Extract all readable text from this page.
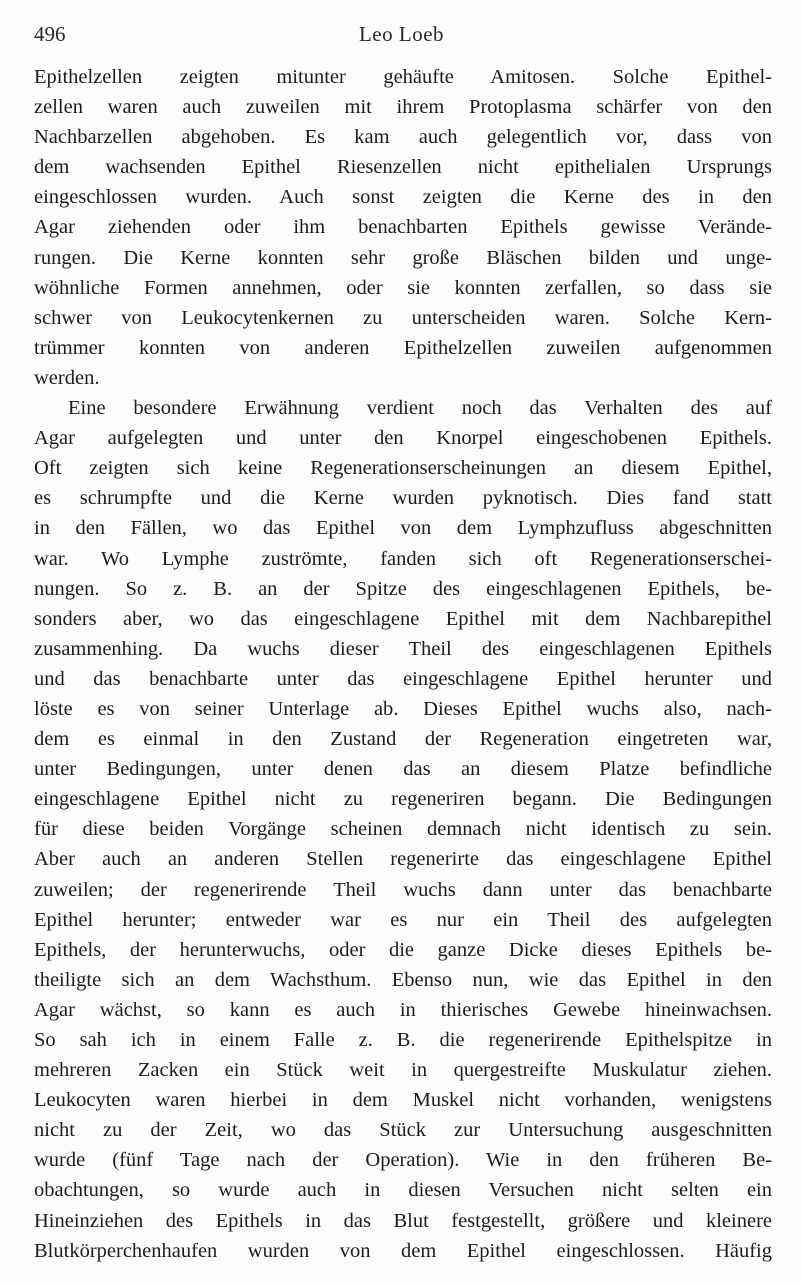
496	Leo Loeb
Epithelzellen zeigten mitunter gehäufte Amitosen. Solche Epithel-
zellen waren auch zuweilen mit ihrem Protoplasma schärfer von den
Nachbarzellen abgehoben. Es kam auch gelegentlich vor, dass von
dem wachsenden Epithel Riesenzellen nicht epithelialen Ursprungs
eingeschlossen wurden. Auch sonst zeigten die Kerne des in den
Agar ziehenden oder ihm benachbarten Epithels gewisse Verände-
rungen. Die Kerne konnten sehr große Bläschen bilden und unge-
wöhnliche Formen annehmen, oder sie konnten zerfallen, so dass sie
schwer von Leukocytenkernen zu unterscheiden waren. Solche Kern-
trümmer konnten von anderen Epithelzellen zuweilen aufgenommen
werden.
Eine besondere Erwähnung verdient noch das Verhalten des auf
Agar aufgelegten und unter den Knorpel eingeschobenen Epithels.
Oft zeigten sich keine Regenerationserscheinungen an diesem Epithel,
es schrumpfte und die Kerne wurden pyknotisch. Dies fand statt
in den Fällen, wo das Epithel von dem Lymphzufluss abgeschnitten
war. Wo Lymphe zuströmte, fanden sich oft Regenerationserschei-
nungen. So z. B. an der Spitze des eingeschlagenen Epithels, be-
sonders aber, wo das eingeschlagene Epithel mit dem Nachbarepithel
zusammenhing. Da wuchs dieser Theil des eingeschlagenen Epithels
und das benachbarte unter das eingeschlagene Epithel herunter und
löste es von seiner Unterlage ab. Dieses Epithel wuchs also, nach-
dem es einmal in den Zustand der Regeneration eingetreten war,
unter Bedingungen, unter denen das an diesem Platze befindliche
eingeschlagene Epithel nicht zu regeneriren begann. Die Bedingungen
für diese beiden Vorgänge scheinen demnach nicht identisch zu sein.
Aber auch an anderen Stellen regenerirte das eingeschlagene Epithel
zuweilen; der regenerirende Theil wuchs dann unter das benachbarte
Epithel herunter; entweder war es nur ein Theil des aufgelegten
Epithels, der herunterwuchs, oder die ganze Dicke dieses Epithels be-
theiligte sich an dem Wachsthum. Ebenso nun, wie das Epithel in den
Agar wächst, so kann es auch in thierisches Gewebe hineinwachsen.
So sah ich in einem Falle z. B. die regenerirende Epithelspitze in
mehreren Zacken ein Stück weit in quergestreifte Muskulatur ziehen.
Leukocyten waren hierbei in dem Muskel nicht vorhanden, wenigstens
nicht zu der Zeit, wo das Stück zur Untersuchung ausgeschnitten
wurde (fünf Tage nach der Operation). Wie in den früheren Be-
obachtungen, so wurde auch in diesen Versuchen nicht selten ein
Hineinziehen des Epithels in das Blut festgestellt, größere und kleinere
Blutkörperchenhaufen wurden von dem Epithel eingeschlossen. Häufig
